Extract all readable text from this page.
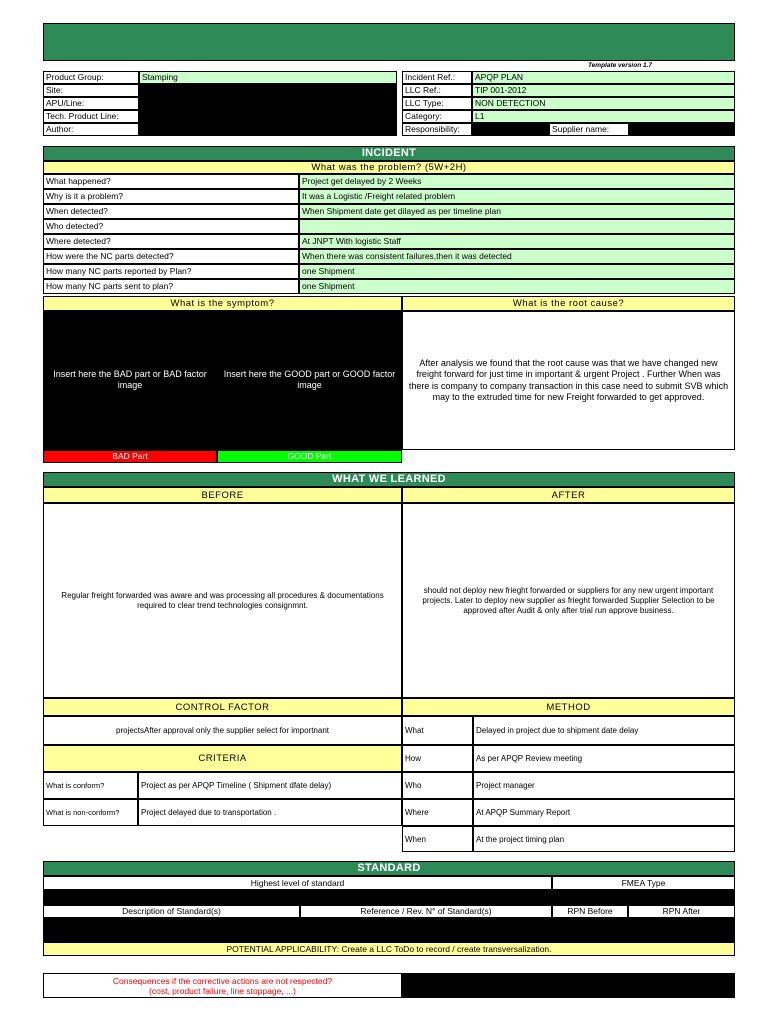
Template version 1.7
Product Group:	Stamping
Site:
APU/Line:
Tech. Product Line:
Author:
Incident Ref.:	APQP PLAN
LLC Ref.:	TIP 001-2012
LLC Type:	NON DETECTION
Category:	L1
Responsibility:	Supplier name:
INCIDENT
What was the problem? (5W+2H)
What happened?	Project get delayed by 2 Weeks
Why is it a problem?	It was a Logistic /Freight related problem
When detected?	When Shipment date get dilayed as per timeline plan
Who detected?
Where detected?	At JNPT With logistic Staff
How were the NC parts detected?	When there was consistent failures,then it was detected
How many NC parts reported by Plan?	one Shipment
How many NC parts sent to plan?	one Shipment
What is the symptom?	What is the root cause?
Insert here the BAD part or BAD factor image
Insert here the GOOD part or GOOD factor image
BAD Part	GOOD Part
After analysis we found that the root cause was that we have changed new freight forward for just time in important & urgent Project . Further When was there is company to company transaction in this case need to submit SVB which may to the extruded time for new Freight forwarded to get approved.
WHAT WE LEARNED
BEFORE	AFTER
Regular freight forwarded was aware and was processing all procedures & documentations required to clear trend technologies consignmnt.
should not deploy new frieght forwarded or suppliers for any new urgent important projects. Later to deploy new supplier as frieght forwarded Supplier Selection to be approved after Audit & only after trial run approve business.
CONTROL FACTOR	METHOD
projectsAfter approval only the supplier select for importnant
CRITERIA
What is conform?	Project as per APQP Timeline ( Shipment dfate delay)
What is non-conform?	Project delayed due to transportation .
What	Delayed in project due to shipment date delay
How	As per APQP Review meeting
Who	Project manager
Where	At APQP Summary Report
When	At the project timing plan
STANDARD
Highest level of standard	FMEA Type
Description of Standard(s)	Reference / Rev. N° of Standard(s)	RPN Before	RPN After
POTENTIAL APPLICABILITY:
Create a LLC ToDo to record / create transversalization.
Consequences if the corrective actions are not respected?
(cost, product failure, line stoppage, ...)
